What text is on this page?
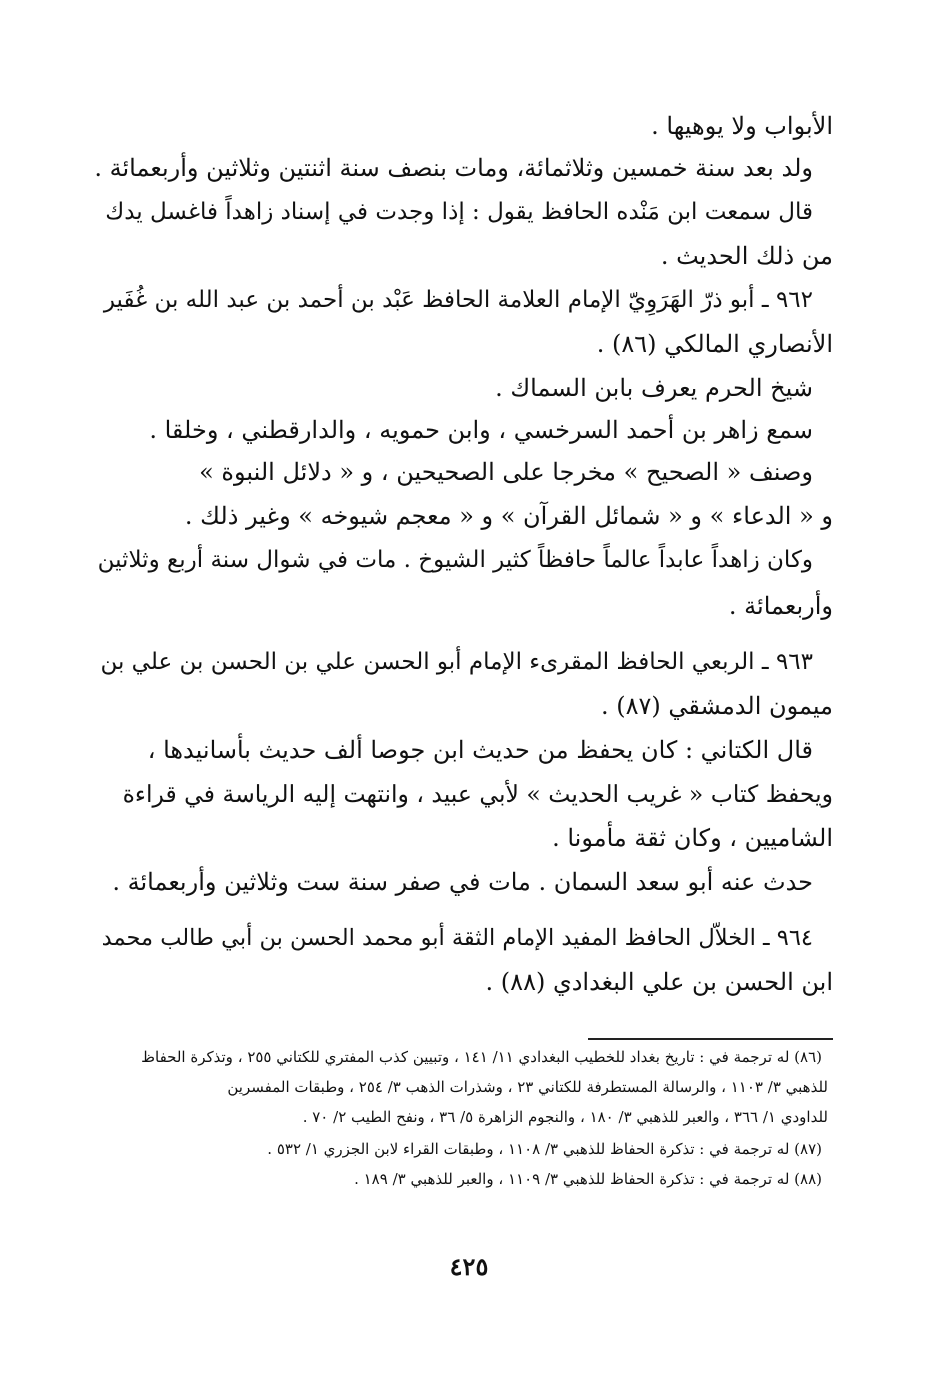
الأبواب ولا يوهيها .
ولد بعد سنة خمسين وثلاثمائة، ومات بنصف سنة اثنتين وثلاثين وأربعمائة .
قال سمعت ابن مَنْده الحافظ يقول : إذا وجدت في إسناد زاهداً فاغسل يدك
من ذلك الحديث .
٩٦٢ ـ أبو ذرّ الهَرَوِيّ الإمام العلامة الحافظ عَبْد بن أحمد بن عبد الله بن غُفَير
الأنصاري المالكي (٨٦) .
شيخ الحرم يعرف بابن السماك .
سمع زاهر بن أحمد السرخسي ، وابن حمويه ، والدارقطني ، وخلقا .
وصنف « الصحيح » مخرجا على الصحيحين ، و « دلائل النبوة »
و « الدعاء » و « شمائل القرآن » و « معجم شيوخه » وغير ذلك .
وكان زاهداً عابداً عالماً حافظاً كثير الشيوخ . مات في شوال سنة أربع وثلاثين
وأربعمائة .
٩٦٣ ـ الربعي الحافظ المقرىء الإمام أبو الحسن علي بن الحسن بن علي بن
ميمون الدمشقي (٨٧) .
قال الكتاني : كان يحفظ من حديث ابن جوصا ألف حديث بأسانيدها ،
ويحفظ كتاب « غريب الحديث » لأبي عبيد ، وانتهت إليه الرياسة في قراءة
الشاميين ، وكان ثقة مأمونا .
حدث عنه أبو سعد السمان . مات في صفر سنة ست وثلاثين وأربعمائة .
٩٦٤ ـ الخلاّل الحافظ المفيد الإمام الثقة أبو محمد الحسن بن أبي طالب محمد
ابن الحسن بن علي البغدادي (٨٨) .
(٨٦) له ترجمة في : تاريخ بغداد للخطيب البغدادي ١١/ ١٤١ ، وتبيين كذب المفتري للكتاني ٢٥٥ ، وتذكرة الحفاظ
للذهبي ٣/ ١١٠٣ ، والرسالة المستطرفة للكتاني ٢٣ ، وشذرات الذهب ٣/ ٢٥٤ ، وطبقات المفسرين
للداودي ١/ ٣٦٦ ، والعبر للذهبي ٣/ ١٨٠ ، والنجوم الزاهرة ٥/ ٣٦ ، ونفح الطيب ٢/ ٧٠ .
(٨٧) له ترجمة في : تذكرة الحفاظ للذهبي ٣/ ١١٠٨ ، وطبقات القراء لابن الجزري ١/ ٥٣٢ .
(٨٨) له ترجمة في : تذكرة الحفاظ للذهبي ٣/ ١١٠٩ ، والعبر للذهبي ٣/ ١٨٩ .
٤٢٥
